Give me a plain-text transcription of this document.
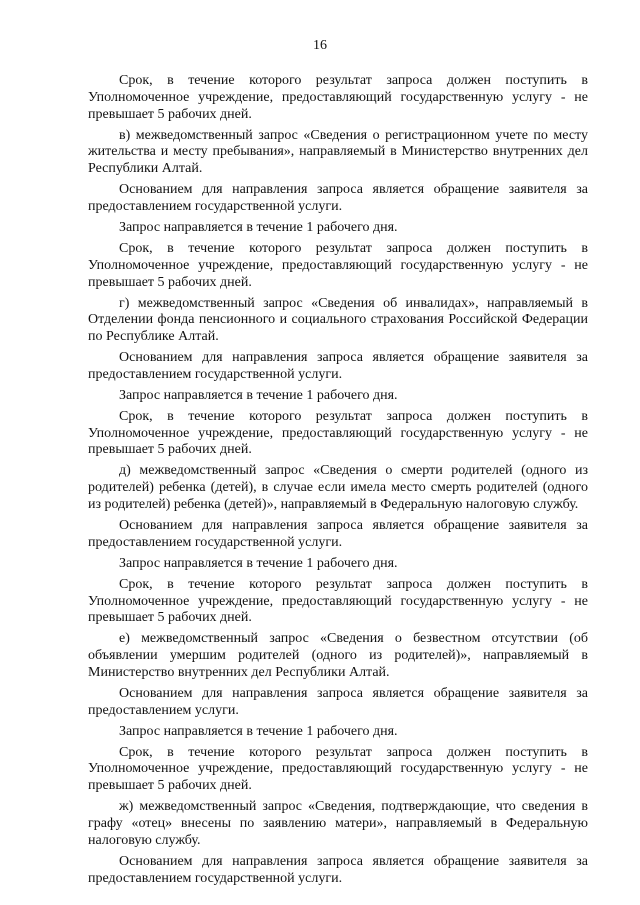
16

Срок, в течение которого результат запроса должен поступить в Уполномоченное учреждение, предоставляющий государственную услугу - не превышает 5 рабочих дней.

в) межведомственный запрос «Сведения о регистрационном учете по месту жительства и месту пребывания», направляемый в Министерство внутренних дел Республики Алтай.

Основанием для направления запроса является обращение заявителя за предоставлением государственной услуги.

Запрос направляется в течение 1 рабочего дня.

Срок, в течение которого результат запроса должен поступить в Уполномоченное учреждение, предоставляющий государственную услугу - не превышает 5 рабочих дней.

г) межведомственный запрос «Сведения об инвалидах», направляемый в Отделении фонда пенсионного и социального страхования Российской Федерации по Республике Алтай.

Основанием для направления запроса является обращение заявителя за предоставлением государственной услуги.

Запрос направляется в течение 1 рабочего дня.

Срок, в течение которого результат запроса должен поступить в Уполномоченное учреждение, предоставляющий государственную услугу - не превышает 5 рабочих дней.

д) межведомственный запрос «Сведения о смерти родителей (одного из родителей) ребенка (детей), в случае если имела место смерть родителей (одного из родителей) ребенка (детей)», направляемый в Федеральную налоговую службу.

Основанием для направления запроса является обращение заявителя за предоставлением государственной услуги.

Запрос направляется в течение 1 рабочего дня.

Срок, в течение которого результат запроса должен поступить в Уполномоченное учреждение, предоставляющий государственную услугу - не превышает 5 рабочих дней.

е) межведомственный запрос «Сведения о безвестном отсутствии (об объявлении умершим родителей (одного из родителей)», направляемый в Министерство внутренних дел Республики Алтай.

Основанием для направления запроса является обращение заявителя за предоставлением услуги.

Запрос направляется в течение 1 рабочего дня.

Срок, в течение которого результат запроса должен поступить в Уполномоченное учреждение, предоставляющий государственную услугу - не превышает 5 рабочих дней.

ж) межведомственный запрос «Сведения, подтверждающие, что сведения в графу «отец» внесены по заявлению матери», направляемый в Федеральную налоговую службу.

Основанием для направления запроса является обращение заявителя за предоставлением государственной услуги.
